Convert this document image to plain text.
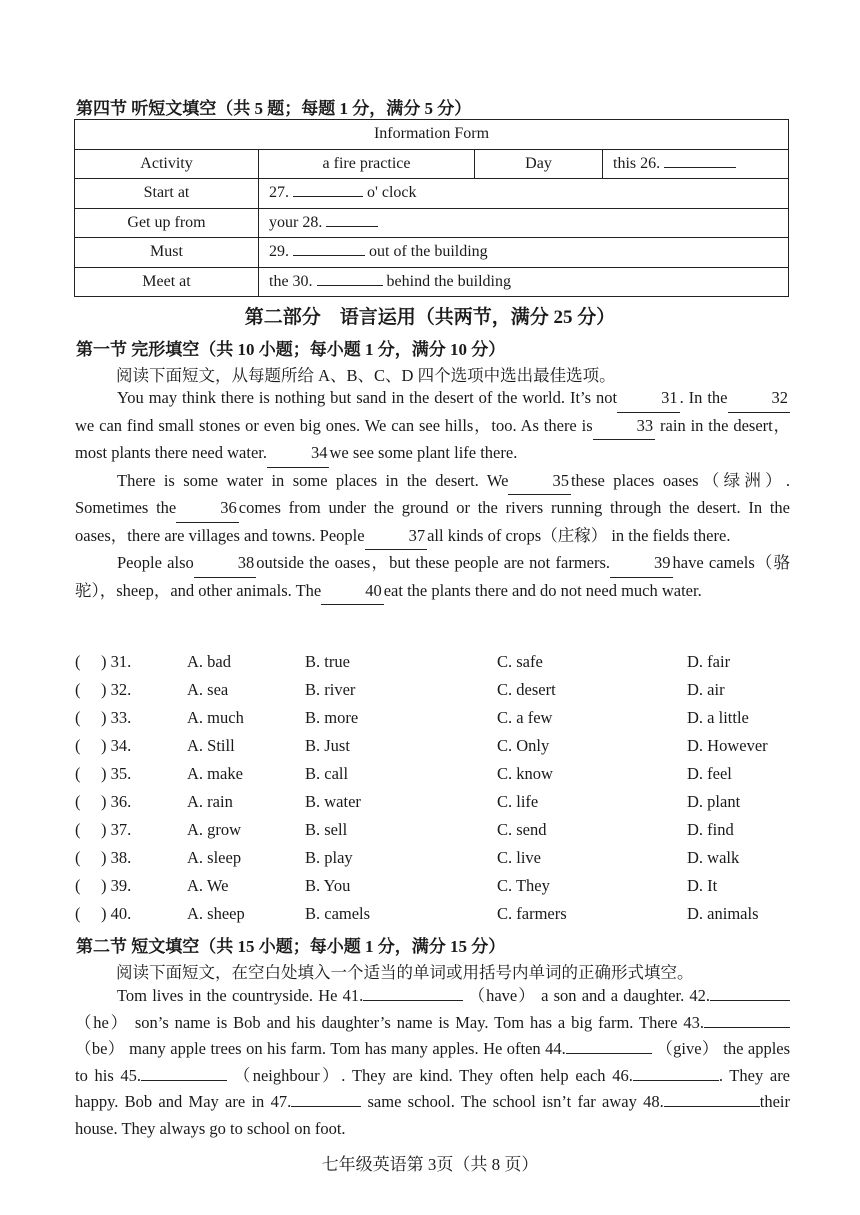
第四节 听短文填空（共 5 题；每题 1 分，满分 5 分）
Information Form			
Activity	a fire practice	Day	this 26.
Start at	27. o' clock		
Get up from	your 28.		
Must	29. out of the building		
Meet at	the 30. behind the building		
第二部分　语言运用（共两节，满分 25 分）
第一节 完形填空（共 10 小题；每小题 1 分，满分 10 分）
阅读下面短文，从每题所给 A、B、C、D 四个选项中选出最佳选项。

You may think there is nothing but sand in the desert of the world. It’s not	31 . In the	32we can find small stones or even big ones. We can see hills，too. As there is	33 rain in the desert，most plants there need water.	34 we see some plant life there.

There is some water in some places in the desert. We	35 these places oases（绿洲）. Sometimes the	36 comes from under the ground or the rivers running through the desert. In the oases，there are villages and towns. People	37 all kinds of crops（庄稼） in the fields there.

People also	38 outside the oases，but these people are not farmers.	39 have camels（骆驼），sheep，and other animals. The	40 eat the plants there and do not need much water.

( ) 31.	A. bad	B. true	C. safe	D. fair
( ) 32.	A. sea	B. river	C. desert	D. air
( ) 33.	A. much	B. more	C. a few	D. a little
( ) 34.	A. Still	B. Just	C. Only	D. However
( ) 35.	A. make	B. call	C. know	D. feel
( ) 36.	A. rain	B. water	C. life	D. plant
( ) 37.	A. grow	B. sell	C. send	D. find
( ) 38.	A. sleep	B. play	C. live	D. walk
( ) 39.	A. We	B. You	C. They	D. It
( ) 40.	A. sheep	B. camels	C. farmers	D. animals
第二节 短文填空（共 15 小题；每小题 1 分，满分 15 分）
阅读下面短文，在空白处填入一个适当的单词或用括号内单词的正确形式填空。

Tom lives in the countryside. He 41.	（have） a son and a daughter. 42. （he） son’s name is Bob and his daughter’s name is May. Tom has a big farm. There 43. （be） many apple trees on his farm. Tom has many apples. He often 44.	（give） the apples to his 45.	（neighbour）. They are kind. They often help each 46.	. They are happy. Bob and May are in 47.	same school. The school isn’t far away 48.	their house. They always go to school on foot.

七年级英语第 3页（共 8 页）
